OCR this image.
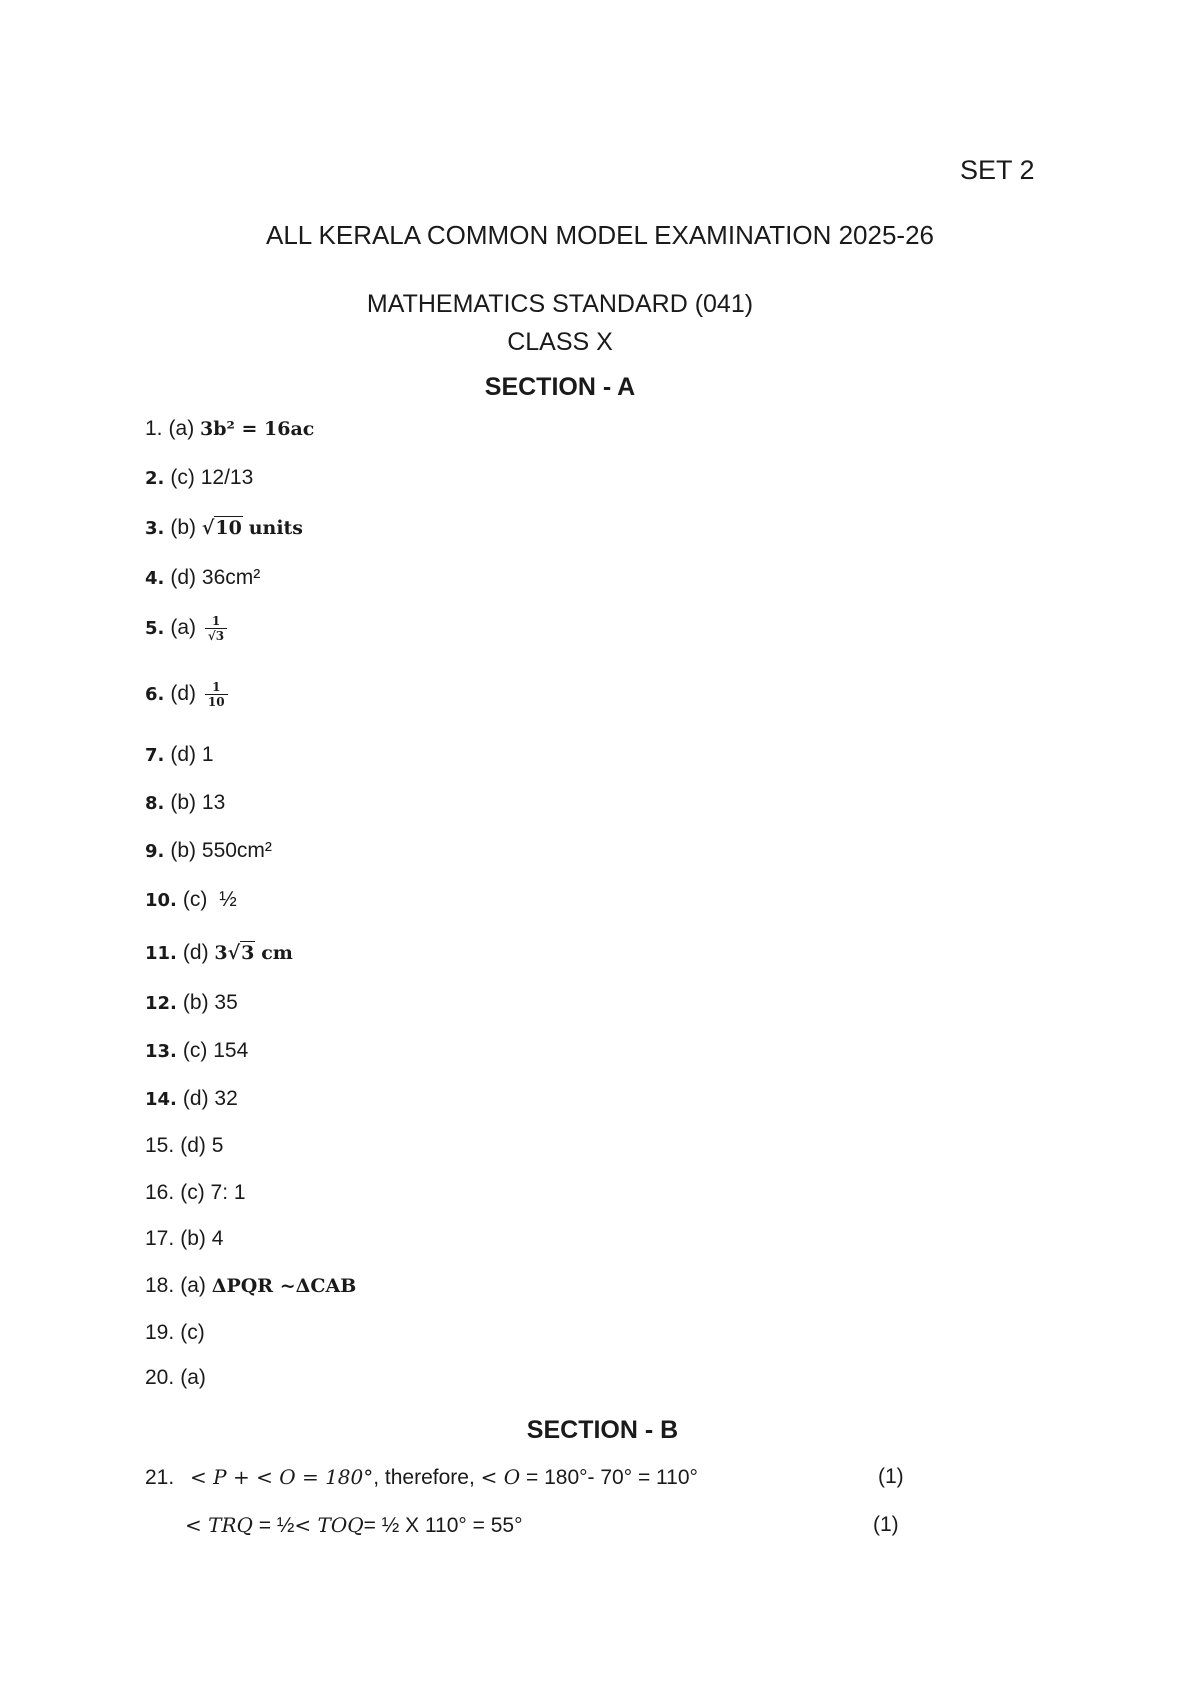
SET 2
ALL KERALA COMMON MODEL EXAMINATION 2025-26
MATHEMATICS STANDARD (041)
CLASS X
SECTION - A
1. (a) 3b² = 16ac
2. (c) 12/13
3. (b) √10 units
4. (d) 36cm²
5. $(a) \frac{1}{√3}$
6. $(d) \frac{1}{10}$
7. (d) 1
8. (b) 13
9. (b) 550cm²
10. (c) ½
11. (d) 3√3 cm
12. (b) 35
13. (c) 154
14. (d) 32
15. (d) 5
16. (c) 7: 1
17. (b) 4
18. (a) ΔPQR ~ΔCAB
19. (c)
20. (a)
SECTION - B
21. < P + < O = 180°, therefore, < O = 180°- 70° = 110°	(1)
< TRQ = ½< TOQ= ½ X 110° = 55°	(1)
